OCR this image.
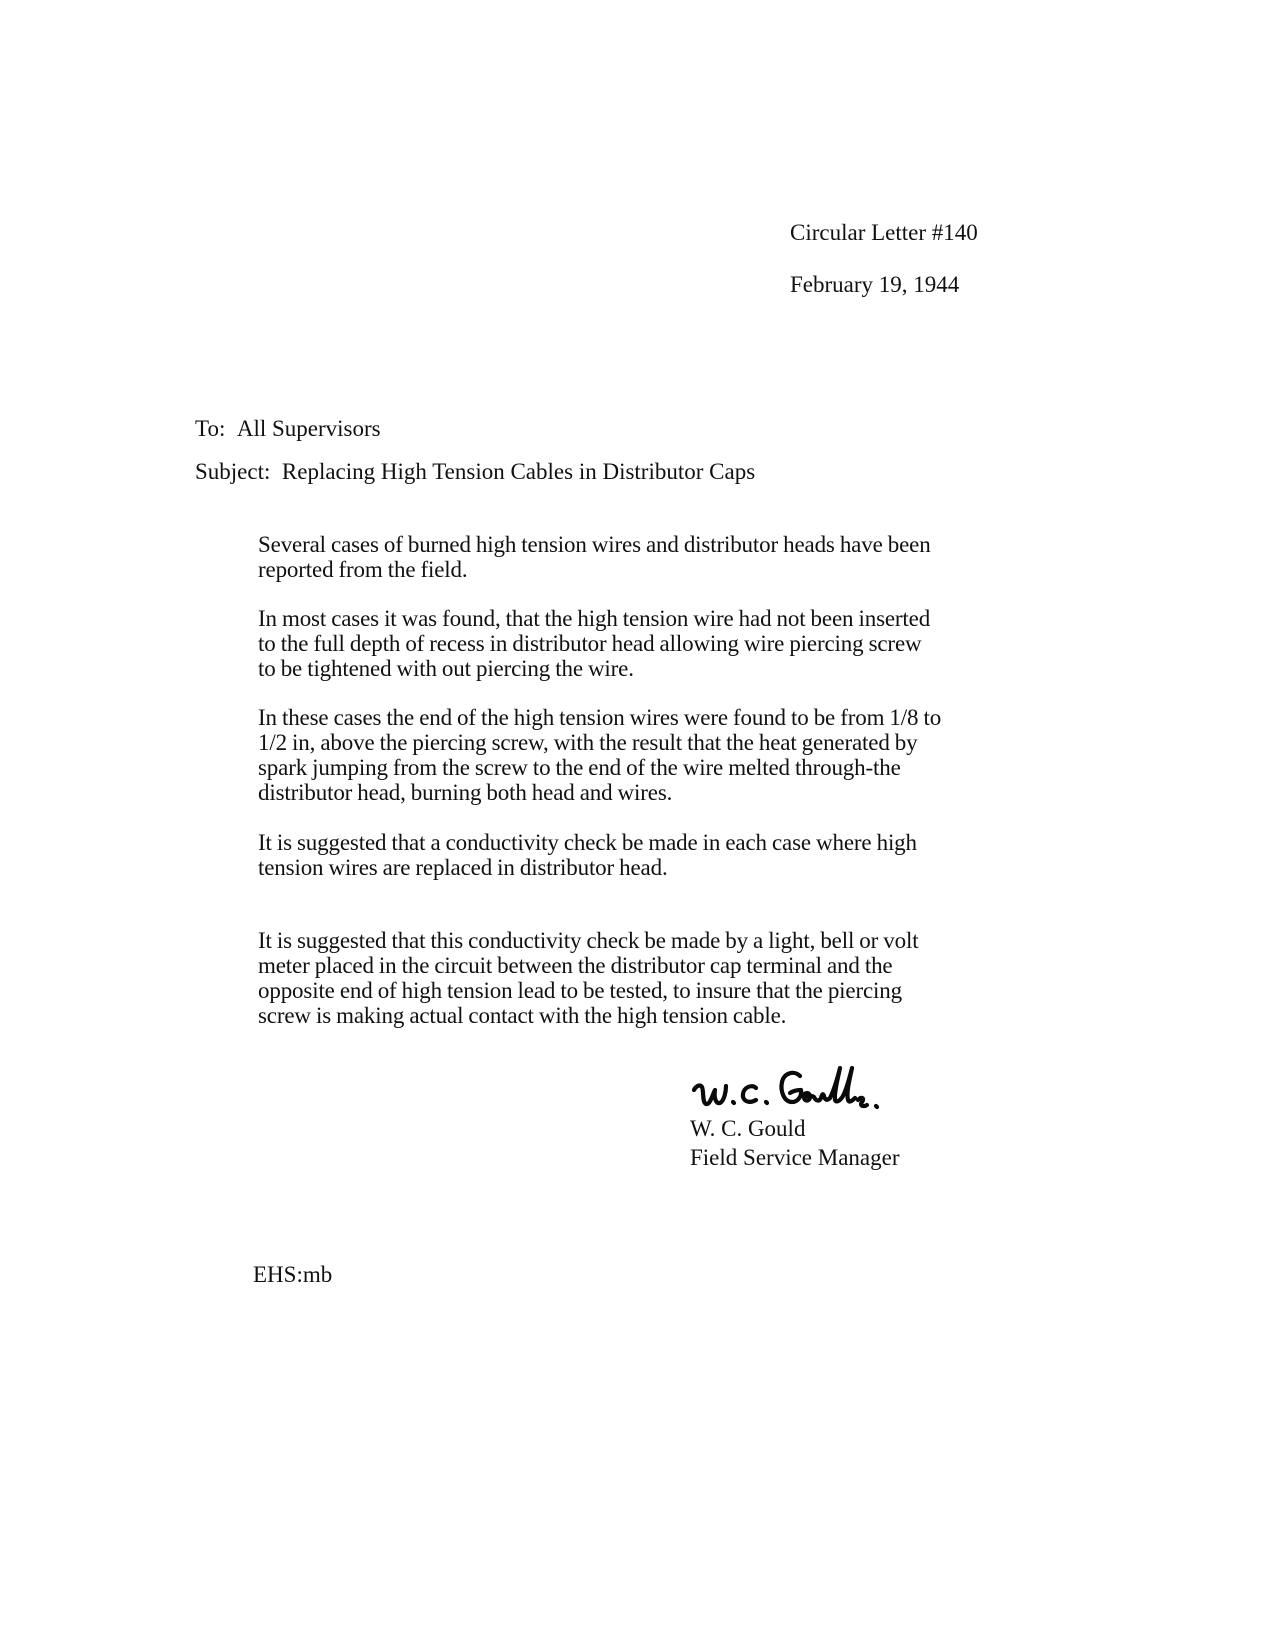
Circular Letter #140
February 19, 1944
To: All Supervisors
Subject: Replacing High Tension Cables in Distributor Caps
Several cases of burned high tension wires and distributor heads have been
reported from the field.
In most cases it was found, that the high tension wire had not been inserted
to the full depth of recess in distributor head allowing wire piercing screw
to be tightened with out piercing the wire.
In these cases the end of the high tension wires were found to be from 1/8 to
1/2 in, above the piercing screw, with the result that the heat generated by
spark jumping from the screw to the end of the wire melted through-the
distributor head, burning both head and wires.
It is suggested that a conductivity check be made in each case where high
tension wires are replaced in distributor head.
It is suggested that this conductivity check be made by a light, bell or volt
meter placed in the circuit between the distributor cap terminal and the
opposite end of high tension lead to be tested, to insure that the piercing
screw is making actual contact with the high tension cable.
W. C. Gould
Field Service Manager
EHS:mb
